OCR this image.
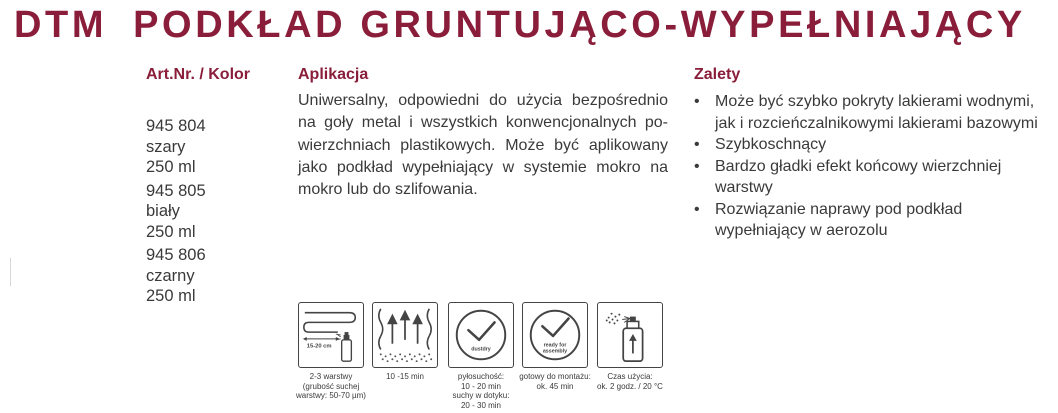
DTM PODKŁAD GRUNTUJĄCO-WYPEŁNIAJĄCY
Art.Nr. / Kolor
945 804
szary
250 ml
945 805
biały
250 ml
945 806
czarny
250 ml
Aplikacja
Uniwersalny, odpowiedni do użycia bezpośrednio na goły metal i wszystkich konwencjonalnych po- wierzchniach plastikowych. Może być aplikowany jako podkład wypełniający w systemie mokro na mokro lub do szlifowania.
Zalety
• Może być szybko pokryty lakierami wodnymi,
jak i rozcieńczalnikowymi lakierami bazowymi
• Szybkoschnący
• Bardzo gładki efekt końcowy wierzchniej
warstwy
• Rozwiązanie naprawy pod podkład
wypełniający w aerozolu
15-20 cm
2-3 warstwy
(grubość suchej
warstwy: 50-70 µm)
10 -15 min
dustdry
pyłosuchość:
10 - 20 min
suchy w dotyku:
20 - 30 min
ready for
assembly
gotowy do montażu:
ok. 45 min
Czas użycia:
ok. 2 godz. / 20 °C
